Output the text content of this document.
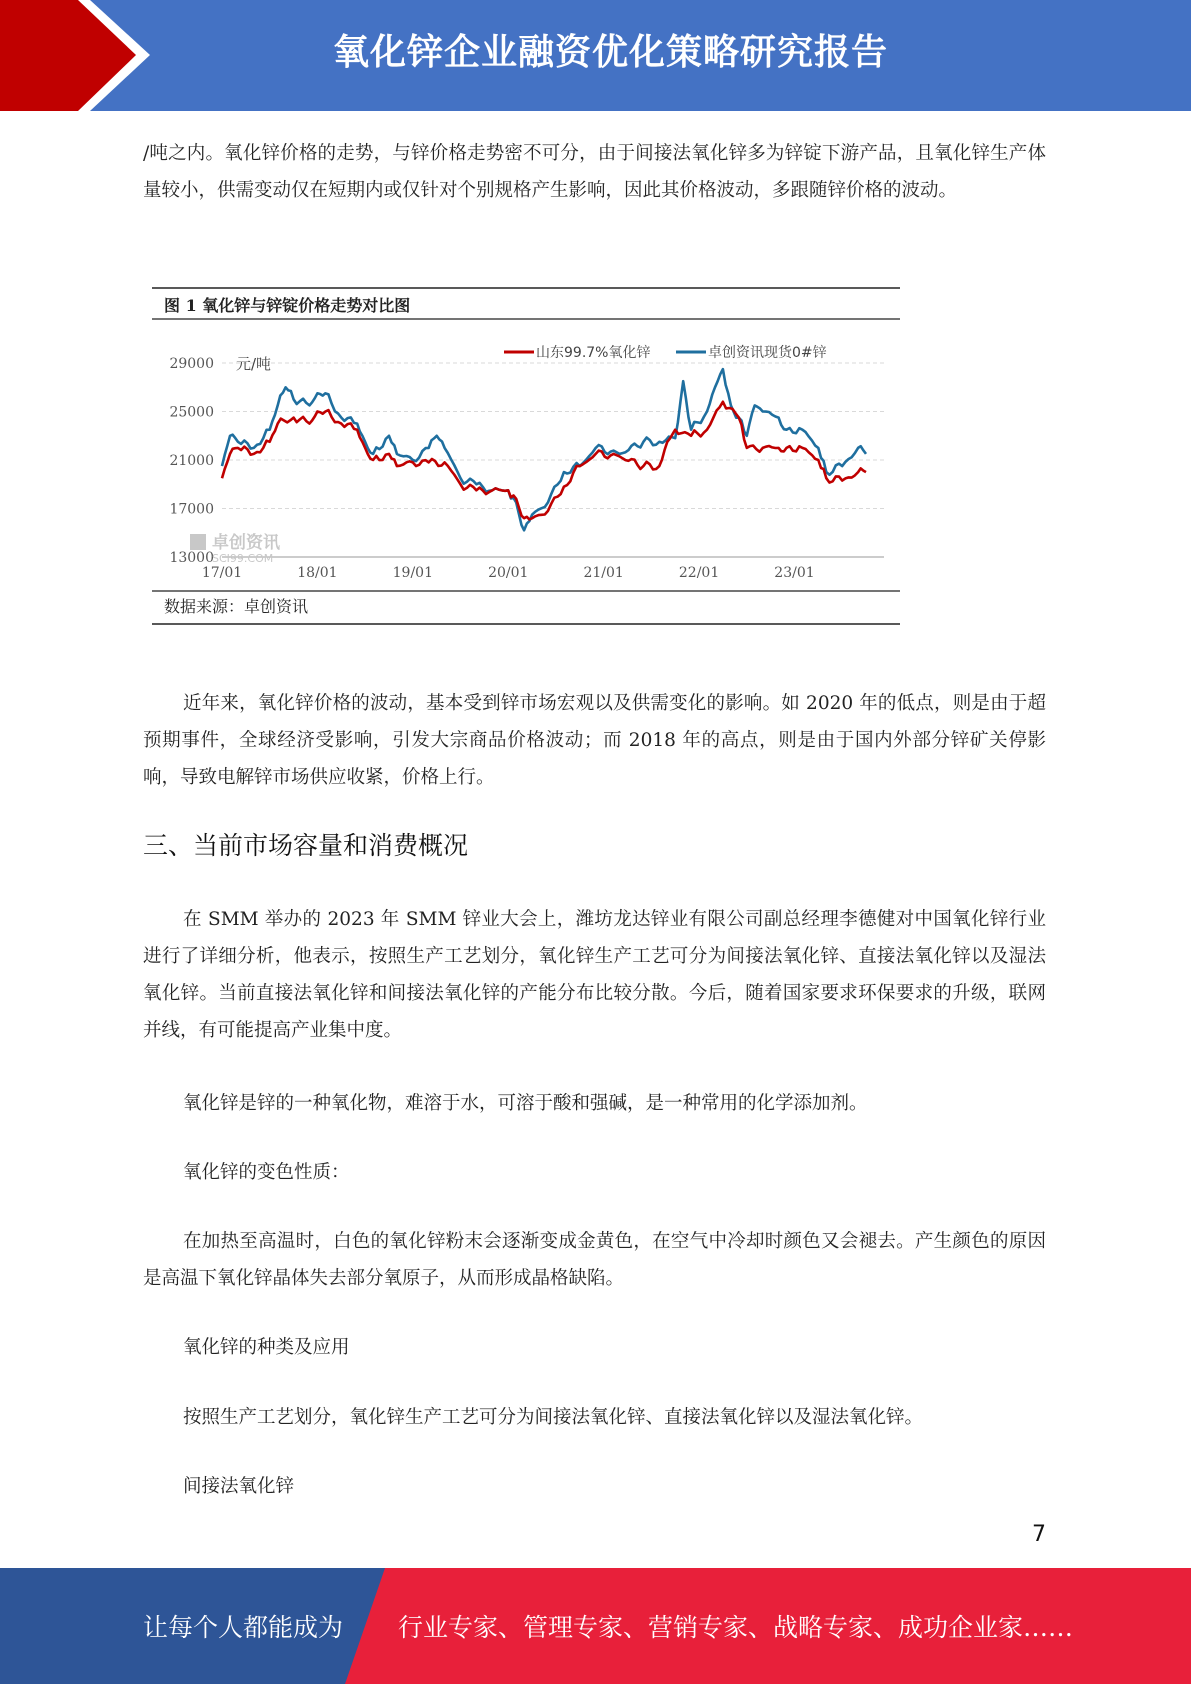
氧化锌企业融资优化策略研究报告

/吨之内。氧化锌价格的走势，与锌价格走势密不可分，由于间接法氧化锌多为锌锭下游产品，且氧化锌生产体量较小，供需变动仅在短期内或仅针对个别规格产生影响，因此其价格波动，多跟随锌价格的波动。

图 1 氧化锌与锌锭价格走势对比图
29000
25000
21000
17000
13000
17/01	18/01	19/01	20/01	21/01	22/01	23/01
元/吨
卓创资讯
SCI99.COM
山东99.7%氧化锌	卓创资讯现货0#锌
数据来源：卓创资讯

近年来，氧化锌价格的波动，基本受到锌市场宏观以及供需变化的影响。如 2020 年的低点，则是由于超预期事件，全球经济受影响，引发大宗商品价格波动；而 2018 年的高点，则是由于国内外部分锌矿关停影响，导致电解锌市场供应收紧，价格上行。

三、当前市场容量和消费概况

在 SMM 举办的 2023 年 SMM 锌业大会上，潍坊龙达锌业有限公司副总经理李德健对中国氧化锌行业进行了详细分析，他表示，按照生产工艺划分，氧化锌生产工艺可分为间接法氧化锌、直接法氧化锌以及湿法氧化锌。当前直接法氧化锌和间接法氧化锌的产能分布比较分散。今后，随着国家要求环保要求的升级，联网并线，有可能提高产业集中度。

氧化锌是锌的一种氧化物，难溶于水，可溶于酸和强碱，是一种常用的化学添加剂。

氧化锌的变色性质：

在加热至高温时，白色的氧化锌粉末会逐渐变成金黄色，在空气中冷却时颜色又会褪去。产生颜色的原因是高温下氧化锌晶体失去部分氧原子，从而形成晶格缺陷。

氧化锌的种类及应用

按照生产工艺划分，氧化锌生产工艺可分为间接法氧化锌、直接法氧化锌以及湿法氧化锌。

间接法氧化锌

7
让每个人都能成为 行业专家、管理专家、营销专家、战略专家、成功企业家……
